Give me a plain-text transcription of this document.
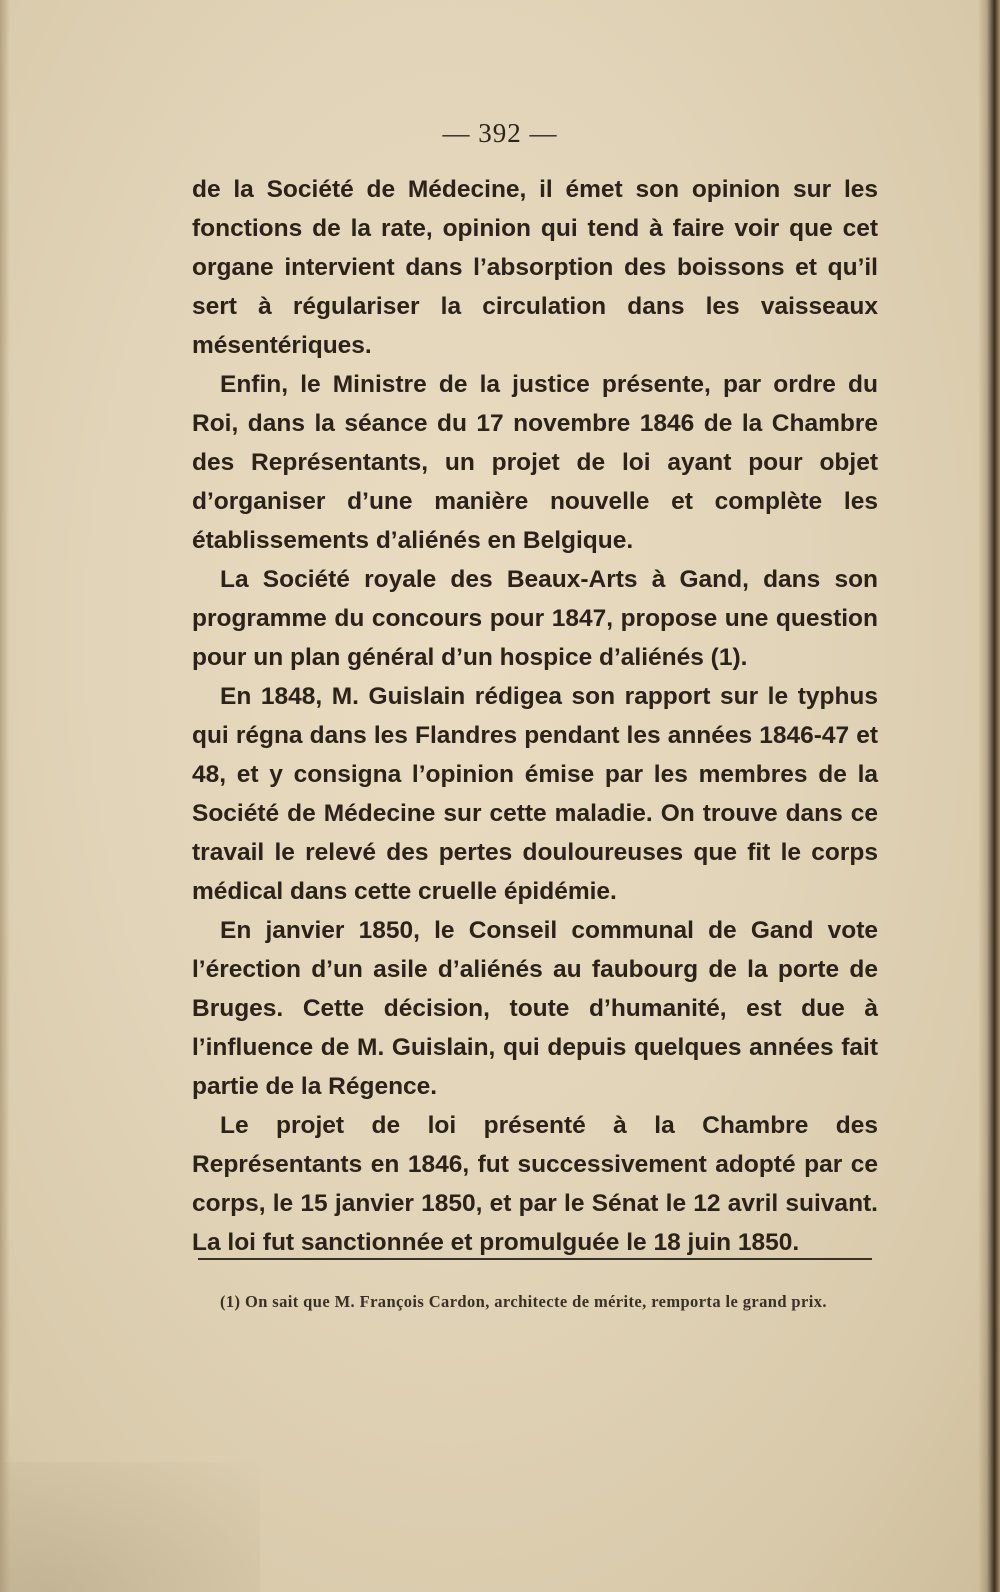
— 392 —

de la Société de Médecine, il émet son opinion sur les fonctions de la rate, opinion qui tend à faire voir que cet organe intervient dans l’absorption des boissons et qu’il sert à régulariser la circulation dans les vaisseaux mésentériques.

Enfin, le Ministre de la justice présente, par ordre du Roi, dans la séance du 17 novembre 1846 de la Chambre des Représentants, un projet de loi ayant pour objet d’organiser d’une manière nouvelle et complète les établissements d’aliénés en Belgique.

La Société royale des Beaux-Arts à Gand, dans son programme du concours pour 1847, propose une question pour un plan général d’un hospice d’aliénés (1).

En 1848, M. Guislain rédigea son rapport sur le typhus qui régna dans les Flandres pendant les années 1846-47 et 48, et y consigna l’opinion émise par les membres de la Société de Médecine sur cette maladie. On trouve dans ce travail le relevé des pertes douloureuses que fit le corps médical dans cette cruelle épidémie.

En janvier 1850, le Conseil communal de Gand vote l’érection d’un asile d’aliénés au faubourg de la porte de Bruges. Cette décision, toute d’humanité, est due à l’influence de M. Guislain, qui depuis quelques années fait partie de la Régence.

Le projet de loi présenté à la Chambre des Représentants en 1846, fut successivement adopté par ce corps, le 15 janvier 1850, et par le Sénat le 12 avril suivant. La loi fut sanctionnée et promulguée le 18 juin 1850.

(1) On sait que M. François Cardon, architecte de mérite, remporta le grand prix.
